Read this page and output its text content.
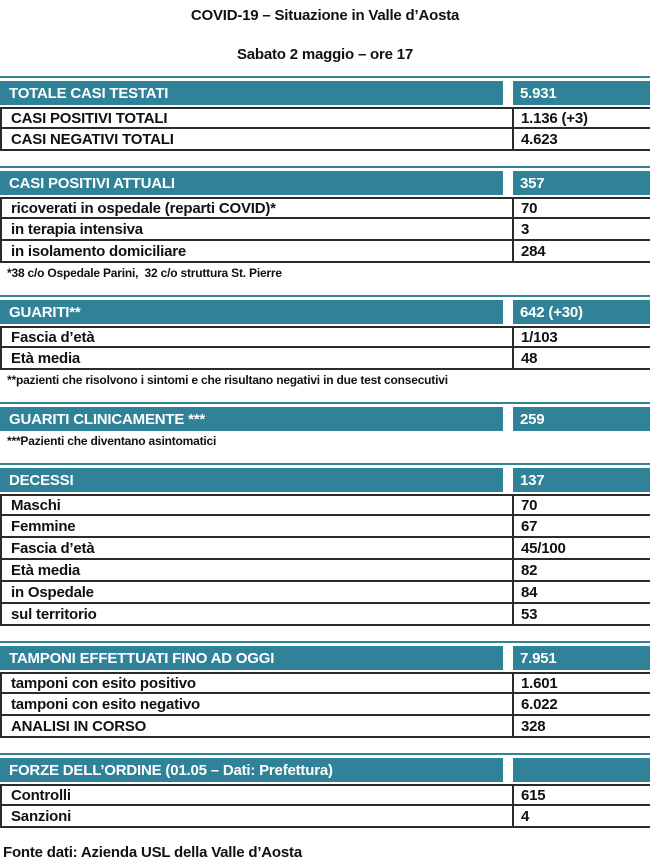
COVID-19 – Situazione in Valle d’Aosta
Sabato 2 maggio – ore 17
TOTALE CASI TESTATI	5.931
CASI POSITIVI TOTALI	1.136 (+3)
CASI NEGATIVI TOTALI	4.623
CASI POSITIVI ATTUALI	357
ricoverati in ospedale (reparti COVID)*	70
in terapia intensiva	3
in isolamento domiciliare	284
*38 c/o Ospedale Parini,  32 c/o struttura St. Pierre
GUARITI**	642 (+30)
Fascia d’età	1/103
Età media	48
**pazienti che risolvono i sintomi e che risultano negativi in due test consecutivi
GUARITI CLINICAMENTE ***	259
***Pazienti che diventano asintomatici
DECESSI	137
Maschi	70
Femmine	67
Fascia d’età	45/100
Età media	82
in Ospedale	84
sul territorio	53
TAMPONI EFFETTUATI FINO AD OGGI	7.951
tamponi con esito positivo	1.601
tamponi con esito negativo	6.022
ANALISI IN CORSO	328
FORZE DELL’ORDINE (01.05 – Dati: Prefettura)
Controlli	615
Sanzioni	4
Fonte dati: Azienda USL della Valle d’Aosta
